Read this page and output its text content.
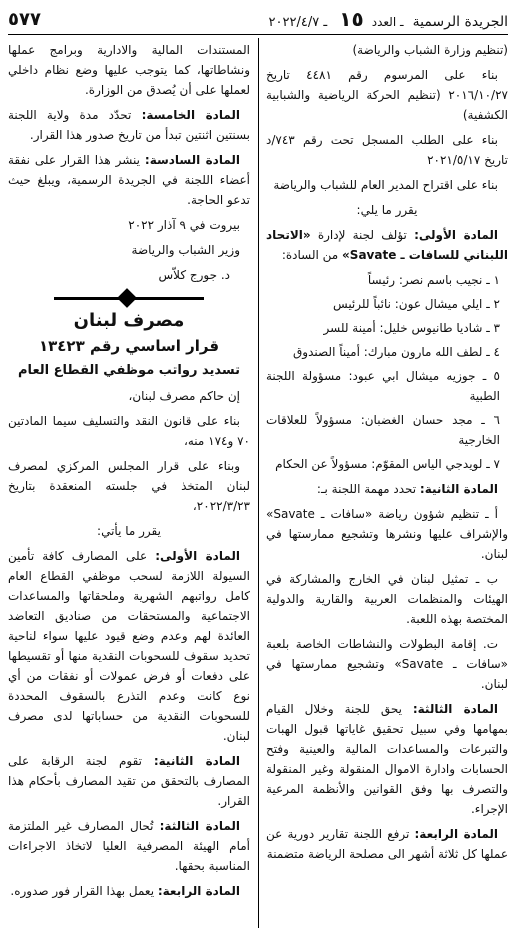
الجريدة الرسمية ـ العدد ١٥ ـ ٢٠٢٢/٤/٧
٥٧٧

(تنظيم وزارة الشباب والرياضة)

بناء على المرسوم رقم ٤٤٨١ تاريخ ٢٠١٦/١٠/٢٧ (تنظيم الحركة الرياضية والشبابية الكشفية)

بناء على الطلب المسجل تحت رقم ٧٤٣/د تاريخ ٢٠٢١/٥/١٧

بناء على اقتراح المدير العام للشباب والرياضة

يقرر ما يلي:

المادة الأولى: تؤلف لجنة لإدارة «الاتحاد اللبناني للسافات ـ Savate» من السادة:

١ ـ نجيب باسم نصر: رئيساً
٢ ـ ايلي ميشال عون: نائباً للرئيس
٣ ـ شاديا طانيوس خليل: أمينة للسر
٤ ـ لطف الله مارون مبارك: أميناً الصندوق
٥ ـ جوزيه ميشال ابي عبود: مسؤولة اللجنة الطبية
٦ ـ مجد حسان الغضبان: مسؤولاً للعلاقات الخارجية
٧ ـ لويدجي الياس المقوّم: مسؤولاً عن الحكام

المادة الثانية: تحدد مهمة اللجنة بـ:

أ ـ تنظيم شؤون رياضة «سافات ـ Savate» والإشراف عليها ونشرها وتشجيع ممارستها في لبنان.

ب ـ تمثيل لبنان في الخارج والمشاركة في الهيئات والمنظمات العربية والقارية والدولية المختصة بهذه اللعبة.

ت. إقامة البطولات والنشاطات الخاصة بلعبة «سافات ـ Savate» وتشجيع ممارستها في لبنان.

المادة الثالثة: يحق للجنة وخلال القيام بمهامها وفي سبيل تحقيق غاياتها قبول الهبات والتبرعات والمساعدات المالية والعينية وفتح الحسابات وادارة الاموال المنقولة وغير المنقولة والتصرف بها وفق القوانين والأنظمة المرعية الإجراء.

المادة الرابعة: ترفع اللجنة تقارير دورية عن عملها كل ثلاثة أشهر الى مصلحة الرياضة متضمنة

المستندات المالية والادارية وبرامج عملها ونشاطاتها، كما يتوجب عليها وضع نظام داخلي لعملها على أن يُصدق من الوزارة.

المادة الخامسة: تحدّد مدة ولاية اللجنة بسنتين اثنتين تبدأ من تاريخ صدور هذا القرار.

المادة السادسة: ينشر هذا القرار على نفقة أعضاء اللجنة في الجريدة الرسمية، ويبلغ حيث تدعو الحاجة.

بيروت في ٩ آذار ٢٠٢٢

وزير الشباب والرياضة

د. جورج كلاّس

مصرف لبنان

قرار اساسي رقم ١٣٤٢٣

تسديد رواتب موظفي القطاع العام

إن حاكم مصرف لبنان،

بناء على قانون النقد والتسليف سيما المادتين ٧٠ و١٧٤ منه،

وبناء على قرار المجلس المركزي لمصرف لبنان المتخذ في جلسته المنعقدة بتاريخ ٢٠٢٢/٣/٢٣،

يقرر ما يأتي:

المادة الأولى: على المصارف كافة تأمين السيولة اللازمة لسحب موظفي القطاع العام كامل رواتبهم الشهرية وملحقاتها والمساعدات الاجتماعية والمستحقات من صناديق التعاضد العائدة لهم وعدم وضع قيود عليها سواء لناحية تحديد سقوف للسحوبات النقدية منها أو تقسيطها على دفعات أو فرض عمولات أو نفقات من أي نوع كانت وعدم التذرع بالسقوف المحددة للسحوبات النقدية من حساباتها لدى مصرف لبنان.

المادة الثانية: تقوم لجنة الرقابة على المصارف بالتحقق من تقيد المصارف بأحكام هذا القرار.

المادة الثالثة: تُحال المصارف غير الملتزمة أمام الهيئة المصرفية العليا لاتخاذ الاجراءات المناسبة بحقها.

المادة الرابعة: يعمل بهذا القرار فور صدوره.
